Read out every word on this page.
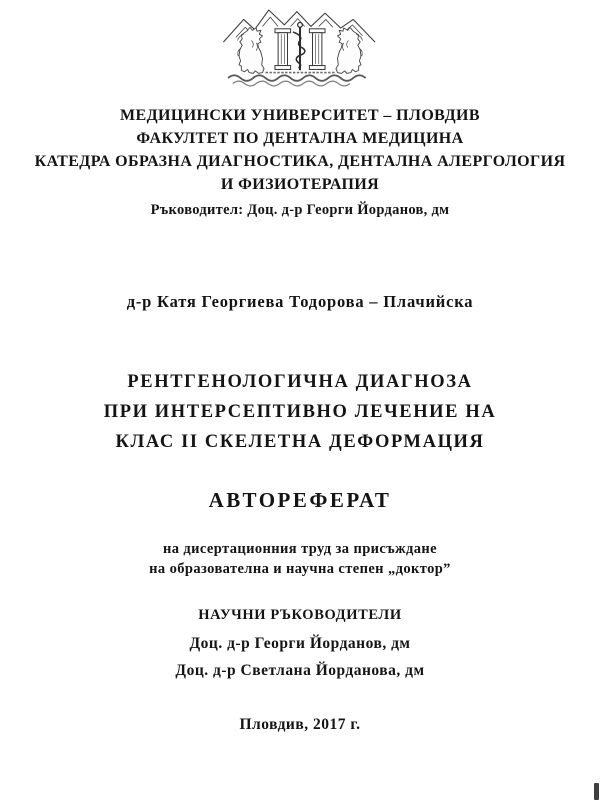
МЕДИЦИНСКИ УНИВЕРСИТЕТ – ПЛОВДИВ
ФАКУЛТЕТ ПО ДЕНТАЛНА МЕДИЦИНА
КАТЕДРА ОБРАЗНА ДИАГНОСТИКА, ДЕНТАЛНА АЛЕРГОЛОГИЯ
И ФИЗИОТЕРАПИЯ
Ръководител: Доц. д-р Георги Йорданов, дм
д-р Катя Георгиева Тодорова – Плачийска
РЕНТГЕНОЛОГИЧНА ДИАГНОЗА
ПРИ ИНТЕРСЕПТИВНО ЛЕЧЕНИЕ НА
КЛАС II СКЕЛЕТНА ДЕФОРМАЦИЯ
АВТОРЕФЕРАТ
на дисертационния труд за присъждане
на образователна и научна степен „доктор”
НАУЧНИ РЪКОВОДИТЕЛИ
Доц. д-р Георги Йорданов, дм
Доц. д-р Светлана Йорданова, дм
Пловдив, 2017 г.
